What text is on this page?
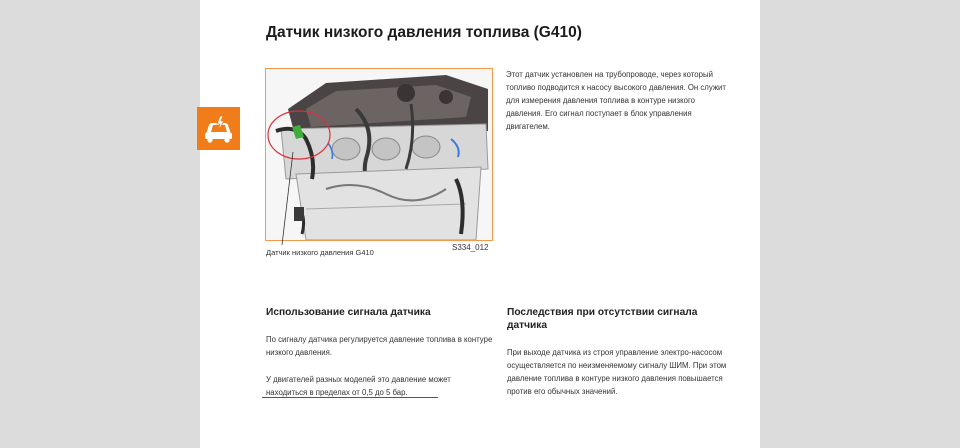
Датчик низкого давления топлива (G410)
Датчик низкого давления G410
S334_012
Этот датчик установлен на трубопроводе, через который топливо подводится к насосу высокого давления. Он служит для измерения давления топлива в контуре низкого давления. Его сигнал поступает в блок управления двигателем.
Использование сигнала датчика
По сигналу датчика регулируется давление топлива в контуре низкого давления.
У двигателей разных моделей это давление может находиться в пределах от 0,5 до 5 бар.
Последствия при отсутствии сигнала датчика
При выходе датчика из строя управление электро-насосом осуществляется по неизменяемому сигналу ШИМ. При этом давление топлива в контуре низкого давления повышается против его обычных значений.
